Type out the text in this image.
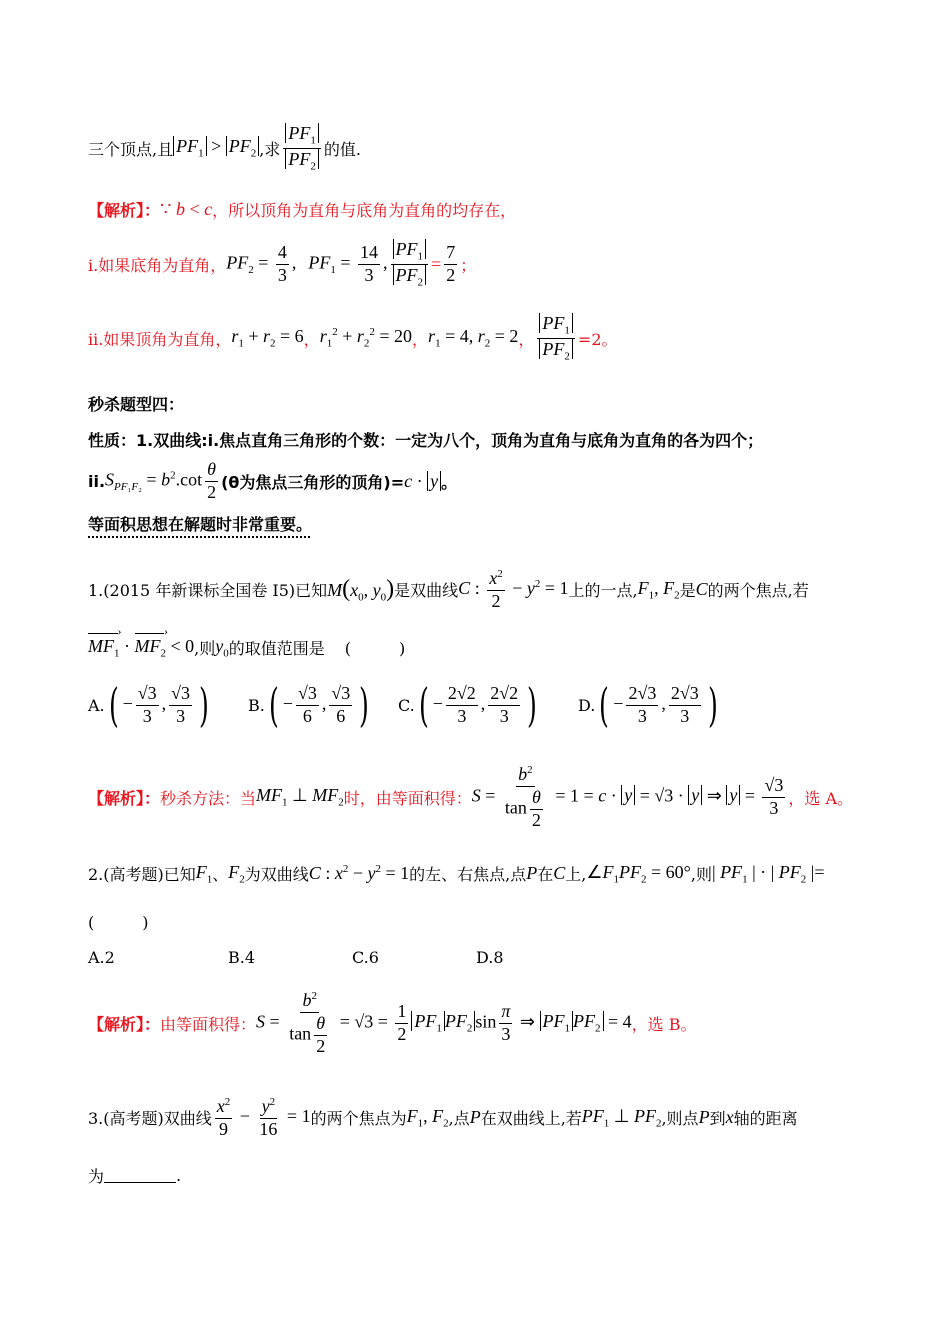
三个顶点,且 $PF_1 > PF_2$ ,求 $\frac{PF_1}{PF_2}$ 的值.
【解析】： ∵ b < c ，所以顶角为直角与底角为直角的均存在，
i.如果底角为直角， $PF_2 = \frac{4}{3}$ , $PF_1 = \frac{14}{3}$ , $\frac{PF_1}{PF_2} = \frac{7}{2}$ ；
ii.如果顶角为直角， $r_1 + r_2 = 6$ ， $r_1^2 + r_2^2 = 20$ ， $r_1 = 4$, $r_2 = 2$ ， $\frac{PF_1}{PF_2} =2$。
秒杀题型四：
性质：1.双曲线:i.焦点直角三角形的个数：一定为八个，顶角为直角与底角为直角的各为四个；
ii. $S_{PF_1F_2} = b^2.\cot \frac{\theta}{2} (\theta$为焦点三角形的顶角)= c · y 。
等面积思想在解题时非常重要。
1.(2015 年新课标全国卷 I5)已知 $M(x_0$, $y_0$) 是双曲线 C : $\frac{x^2}{2} - y^2 = 1$ 上的一点, $F_1$, $F_2$ 是 C 的两个焦点,若
$MF_1$ › · $MF_2$ › < 0 ,则 $y_0$ 的取值范围是 (　　　)
A. ( − $\frac{√3}{3}$ , $\frac{√3}{3}$ ) B. ( − $\frac{√3}{6}$ , $\frac{√3}{6}$ ) C. ( − $\frac{2√2}{3}$ , $\frac{2√2}{3}$ )	D. ( − $\frac{2√3}{3}$ , $\frac{2√3}{3}$ )
【解析】： 秒杀方法：当 $MF_1$ ⊥ $MF_2$ 时，由等面积得： $S = \frac{b^2}{\tan \frac{\theta}{2}} = 1 = c \cdot y = √3 \cdot y$ ⇒ $y = \frac{√3}{3}$ ，选 A。
2.(高考题)已知 $F_1$ 、 $F_2$ 为双曲线 C : $x^2 - y^2 = 1$ 的左、右焦点,点 P 在 C 上, $\angle F_1PF_2 = 60^\circ$ ,则 | $PF_1$ | · | $PF_2$ |=
(　　　)
A.2	B.4	C.6	D.8
【解析】： 由等面积得： $S = \frac{b^2}{\tan \frac{\theta}{2}} = √3 = \frac{1}{2} PF_1$ $PF_2$ $\sin \frac{\pi}{3}$ ⇒ $PF_1$ $PF_2 = 4$ ，选 B。
3.(高考题)双曲线 $\frac{x^2}{9} - \frac{y^2}{16} = 1$ 的两个焦点为 $F_1$, $F_2$ ,点 P 在双曲线上,若 $PF_1$ ⊥ $PF_2$ ,则点 P 到 x 轴的距离
为	.
